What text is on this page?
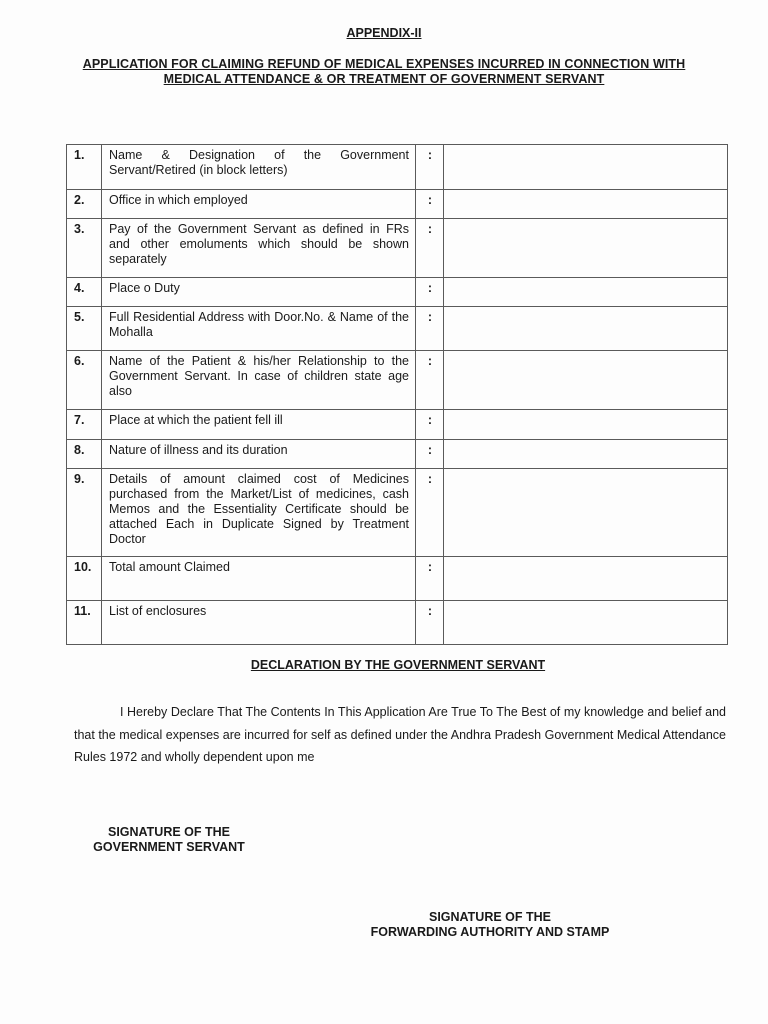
APPENDIX-II
APPLICATION FOR CLAIMING REFUND OF MEDICAL EXPENSES INCURRED IN CONNECTION WITH MEDICAL ATTENDANCE & OR TREATMENT OF GOVERNMENT SERVANT
1.	Name & Designation of the Government Servant/Retired (in block letters)	:	
2.	Office in which employed	:	
3.	Pay of the Government Servant as defined in FRs and other emoluments which should be shown separately	:	
4.	Place o Duty	:	
5.	Full Residential Address with Door.No. & Name of the Mohalla	:	
6.	Name of the Patient & his/her Relationship to the Government Servant. In case of children state age also	:	
7.	Place at which the patient fell ill	:	
8.	Nature of illness and its duration	:	
9.	Details of amount claimed cost of Medicines purchased from the Market/List of medicines, cash Memos and the Essentiality Certificate should be attached Each in Duplicate Signed by Treatment Doctor	:	
10.	Total amount Claimed	:	
11.	List of enclosures	:	
DECLARATION BY THE GOVERNMENT SERVANT
I Hereby Declare That The Contents In This Application Are True To The Best of my knowledge and belief and that the medical expenses are incurred for self as defined under the Andhra Pradesh Government Medical Attendance Rules 1972 and wholly dependent upon me
SIGNATURE OF THE
GOVERNMENT SERVANT
SIGNATURE OF THE
FORWARDING AUTHORITY AND STAMP
